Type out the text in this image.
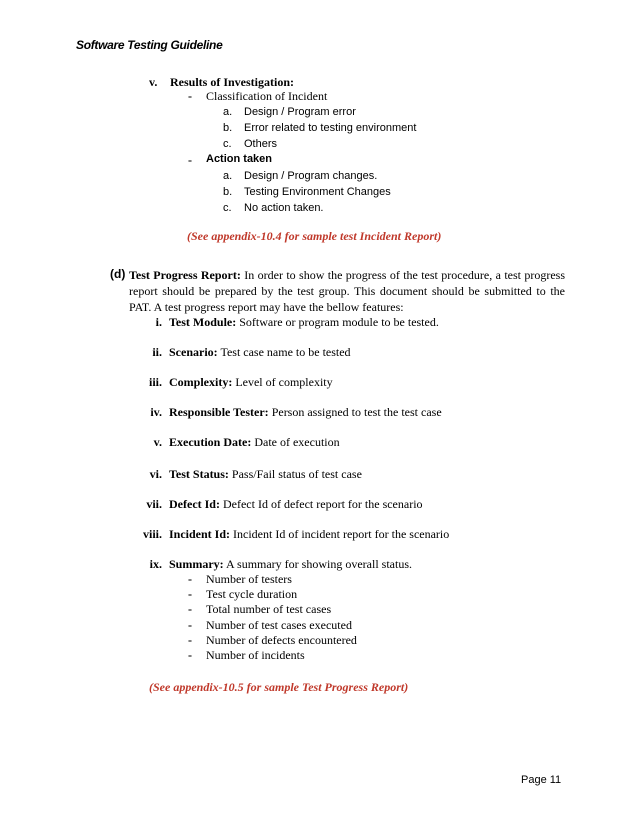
Software Testing Guideline
v. Results of Investigation:
- Classification of Incident
a. Design / Program error
b. Error related to testing environment
c. Others
- Action taken
a. Design / Program changes.
b. Testing Environment Changes
c. No action taken.
(See appendix-10.4 for sample test Incident Report)
(d) Test Progress Report: In order to show the progress of the test procedure, a test progress report should be prepared by the test group. This document should be submitted to the PAT. A test progress report may have the bellow features:
i. Test Module: Software or program module to be tested.
ii. Scenario: Test case name to be tested
iii. Complexity: Level of complexity
iv. Responsible Tester: Person assigned to test the test case
v. Execution Date: Date of execution
vi. Test Status: Pass/Fail status of test case
vii. Defect Id: Defect Id of defect report for the scenario
viii. Incident Id: Incident Id of incident report for the scenario
ix. Summary: A summary for showing overall status.
- Number of testers
- Test cycle duration
- Total number of test cases
- Number of test cases executed
- Number of defects encountered
- Number of incidents
(See appendix-10.5 for sample Test Progress Report)
Page 11
